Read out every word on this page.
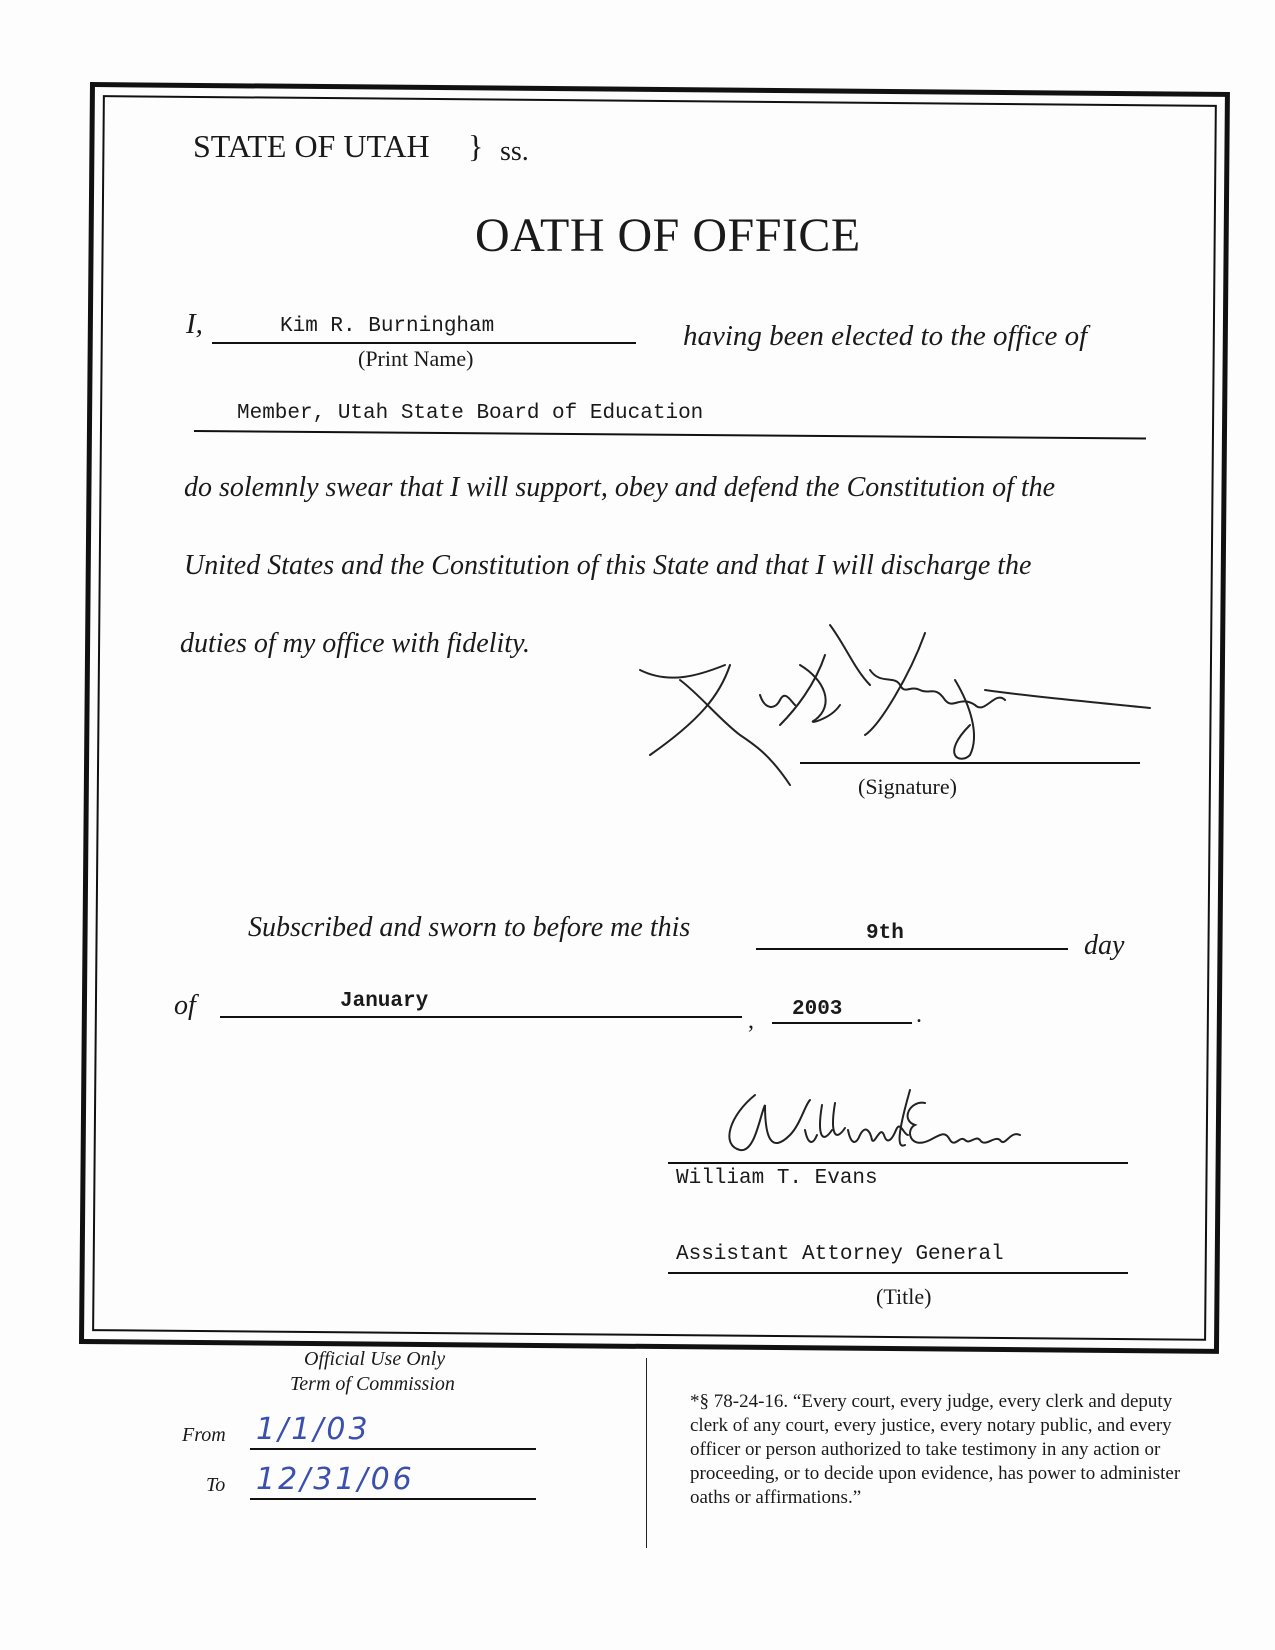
STATE OF UTAH } ss.
OATH OF OFFICE
I,	Kim R. Burningham
(Print Name)
having been elected to the office of
Member, Utah State Board of Education
do solemnly swear that I will support, obey and defend the Constitution of the
United States and the Constitution of this State and that I will discharge the
duties of my office with fidelity.
(Signature)
Subscribed and sworn to before me this	9th	day
of	January
, 2003	.
William T. Evans
Assistant Attorney General
(Title)
Official Use Only
Term of Commission
From 1/1/03
To 12/31/06
*§ 78-24-16. “Every court, every judge, every clerk and deputy clerk of any court, every justice, every notary public, and every officer or person authorized to take testimony in any action or proceeding, or to decide upon evidence, has power to administer oaths or affirmations.”
